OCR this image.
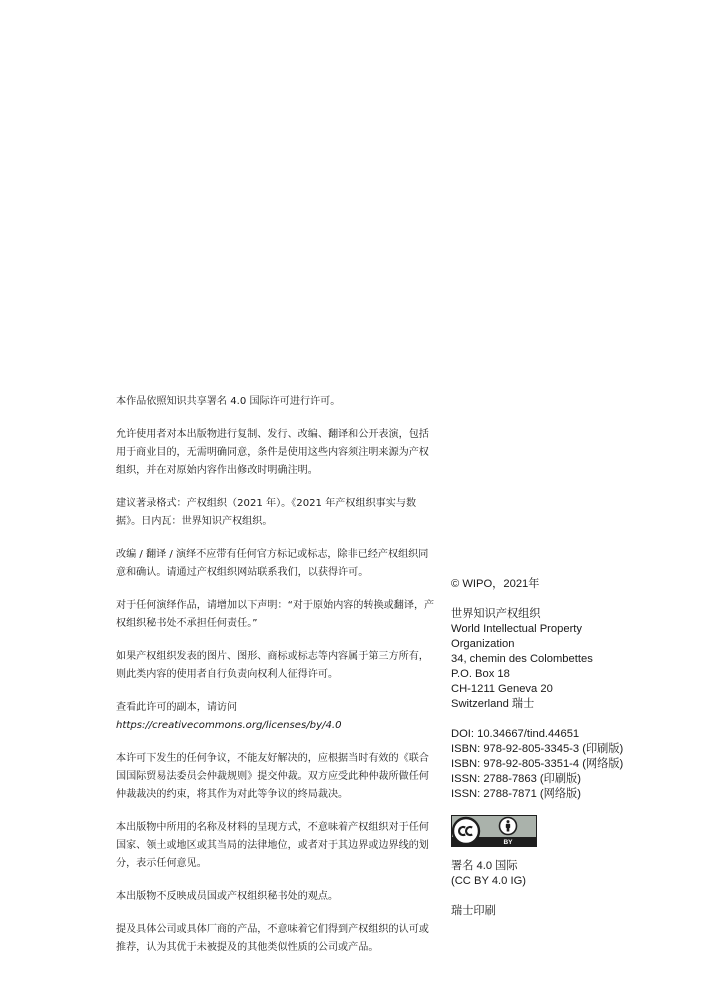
本作品依照知识共享署名 4.0 国际许可进行许可。

允许使用者对本出版物进行复制、发行、改编、翻译和公开表演，包括用于商业目的，无需明确同意，条件是使用这些内容须注明来源为产权组织，并在对原始内容作出修改时明确注明。

建议著录格式：产权组织（2021 年）。《2021 年产权组织事实与数据》。日内瓦：世界知识产权组织。

改编 / 翻译 / 演绎不应带有任何官方标记或标志，除非已经产权组织同意和确认。请通过产权组织网站联系我们，以获得许可。

对于任何演绎作品，请增加以下声明：“对于原始内容的转换或翻译，产权组织秘书处不承担任何责任。”

如果产权组织发表的图片、图形、商标或标志等内容属于第三方所有，则此类内容的使用者自行负责向权利人征得许可。

查看此许可的副本，请访问
https://creativecommons.org/licenses/by/4.0

本许可下发生的任何争议，不能友好解决的，应根据当时有效的《联合国国际贸易法委员会仲裁规则》提交仲裁。双方应受此种仲裁所做任何仲裁裁决的约束，将其作为对此等争议的终局裁决。

本出版物中所用的名称及材料的呈现方式，不意味着产权组织对于任何国家、领土或地区或其当局的法律地位，或者对于其边界或边界线的划分，表示任何意见。

本出版物不反映成员国或产权组织秘书处的观点。

提及具体公司或具体厂商的产品，不意味着它们得到产权组织的认可或推荐，认为其优于未被提及的其他类似性质的公司或产品。

© WIPO，2021年
世界知识产权组织
World Intellectual Property
Organization
34, chemin des Colombettes
P.O. Box 18
CH-1211 Geneva 20
Switzerland 瑞士
DOI: 10.34667/tind.44651
ISBN: 978-92-805-3345-3 (印刷版)
ISBN: 978-92-805-3351-4 (网络版)
ISSN: 2788-7863 (印刷版)
ISSN: 2788-7871 (网络版)
BY
署名 4.0 国际
(CC BY 4.0 IG)
瑞士印刷
